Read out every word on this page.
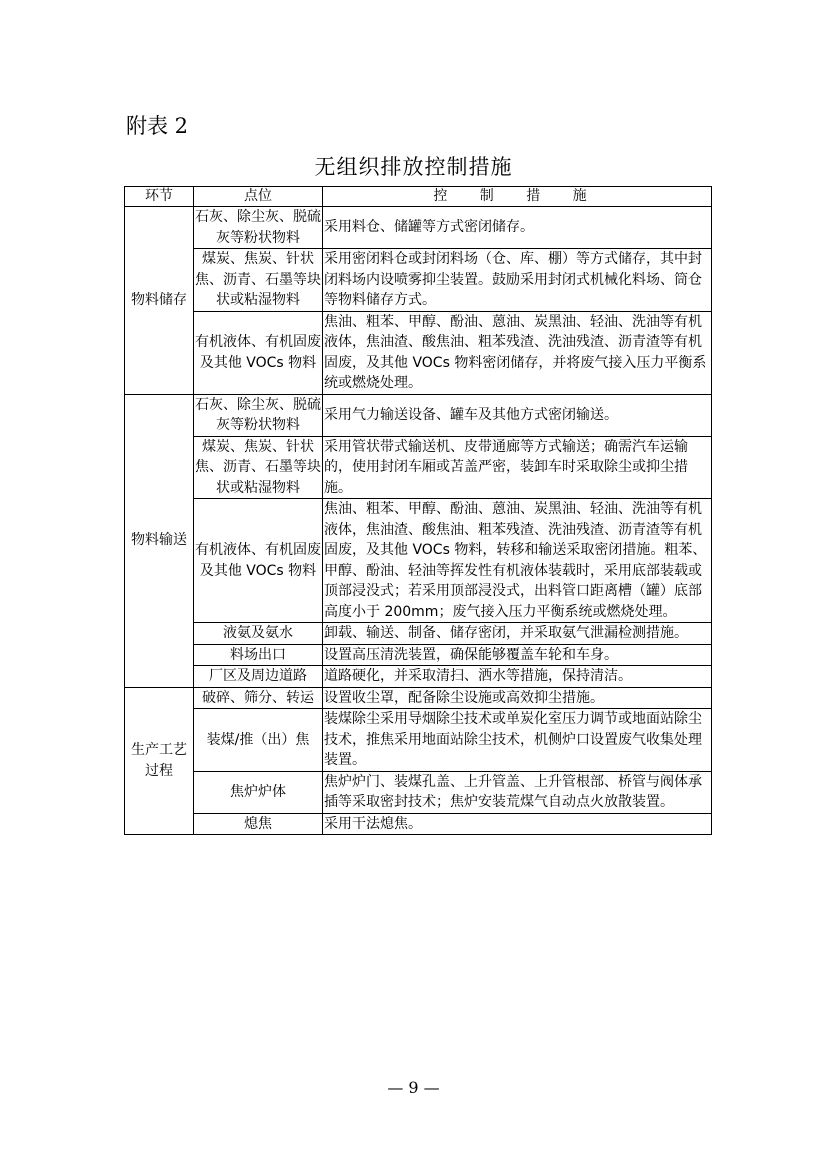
附表 2
无组织排放控制措施
环节	点位	控 制 措 施
物料储存	石灰、除尘灰、脱硫灰等粉状物料	采用料仓、储罐等方式密闭储存。
	煤炭、焦炭、针状焦、沥青、石墨等块状或粘湿物料	采用密闭料仓或封闭料场（仓、库、棚）等方式储存，其中封闭料场内设喷雾抑尘装置。鼓励采用封闭式机械化料场、筒仓等物料储存方式。
	有机液体、有机固废及其他 VOCs 物料	焦油、粗苯、甲醇、酚油、蒽油、炭黑油、轻油、洗油等有机液体，焦油渣、酸焦油、粗苯残渣、洗油残渣、沥青渣等有机固废，及其他 VOCs 物料密闭储存，并将废气接入压力平衡系统或燃烧处理。
物料输送	石灰、除尘灰、脱硫灰等粉状物料	采用气力输送设备、罐车及其他方式密闭输送。
	煤炭、焦炭、针状焦、沥青、石墨等块状或粘湿物料	采用管状带式输送机、皮带通廊等方式输送；确需汽车运输的，使用封闭车厢或苫盖严密，装卸车时采取除尘或抑尘措施。
	有机液体、有机固废及其他 VOCs 物料	焦油、粗苯、甲醇、酚油、蒽油、炭黑油、轻油、洗油等有机液体，焦油渣、酸焦油、粗苯残渣、洗油残渣、沥青渣等有机固废，及其他 VOCs 物料，转移和输送采取密闭措施。粗苯、甲醇、酚油、轻油等挥发性有机液体装载时，采用底部装载或顶部浸没式；若采用顶部浸没式，出料管口距离槽（罐）底部高度小于 200mm；废气接入压力平衡系统或燃烧处理。
	液氨及氨水	卸载、输送、制备、储存密闭，并采取氨气泄漏检测措施。
	料场出口	设置高压清洗装置，确保能够覆盖车轮和车身。
	厂区及周边道路	道路硬化，并采取清扫、洒水等措施，保持清洁。
生产工艺过程	破碎、筛分、转运	设置收尘罩，配备除尘设施或高效抑尘措施。
	装煤/推（出）焦	装煤除尘采用导烟除尘技术或单炭化室压力调节或地面站除尘技术，推焦采用地面站除尘技术，机侧炉口设置废气收集处理装置。
	焦炉炉体	焦炉炉门、装煤孔盖、上升管盖、上升管根部、桥管与阀体承插等采取密封技术；焦炉安装荒煤气自动点火放散装置。
	熄焦	采用干法熄焦。
— 9 —
